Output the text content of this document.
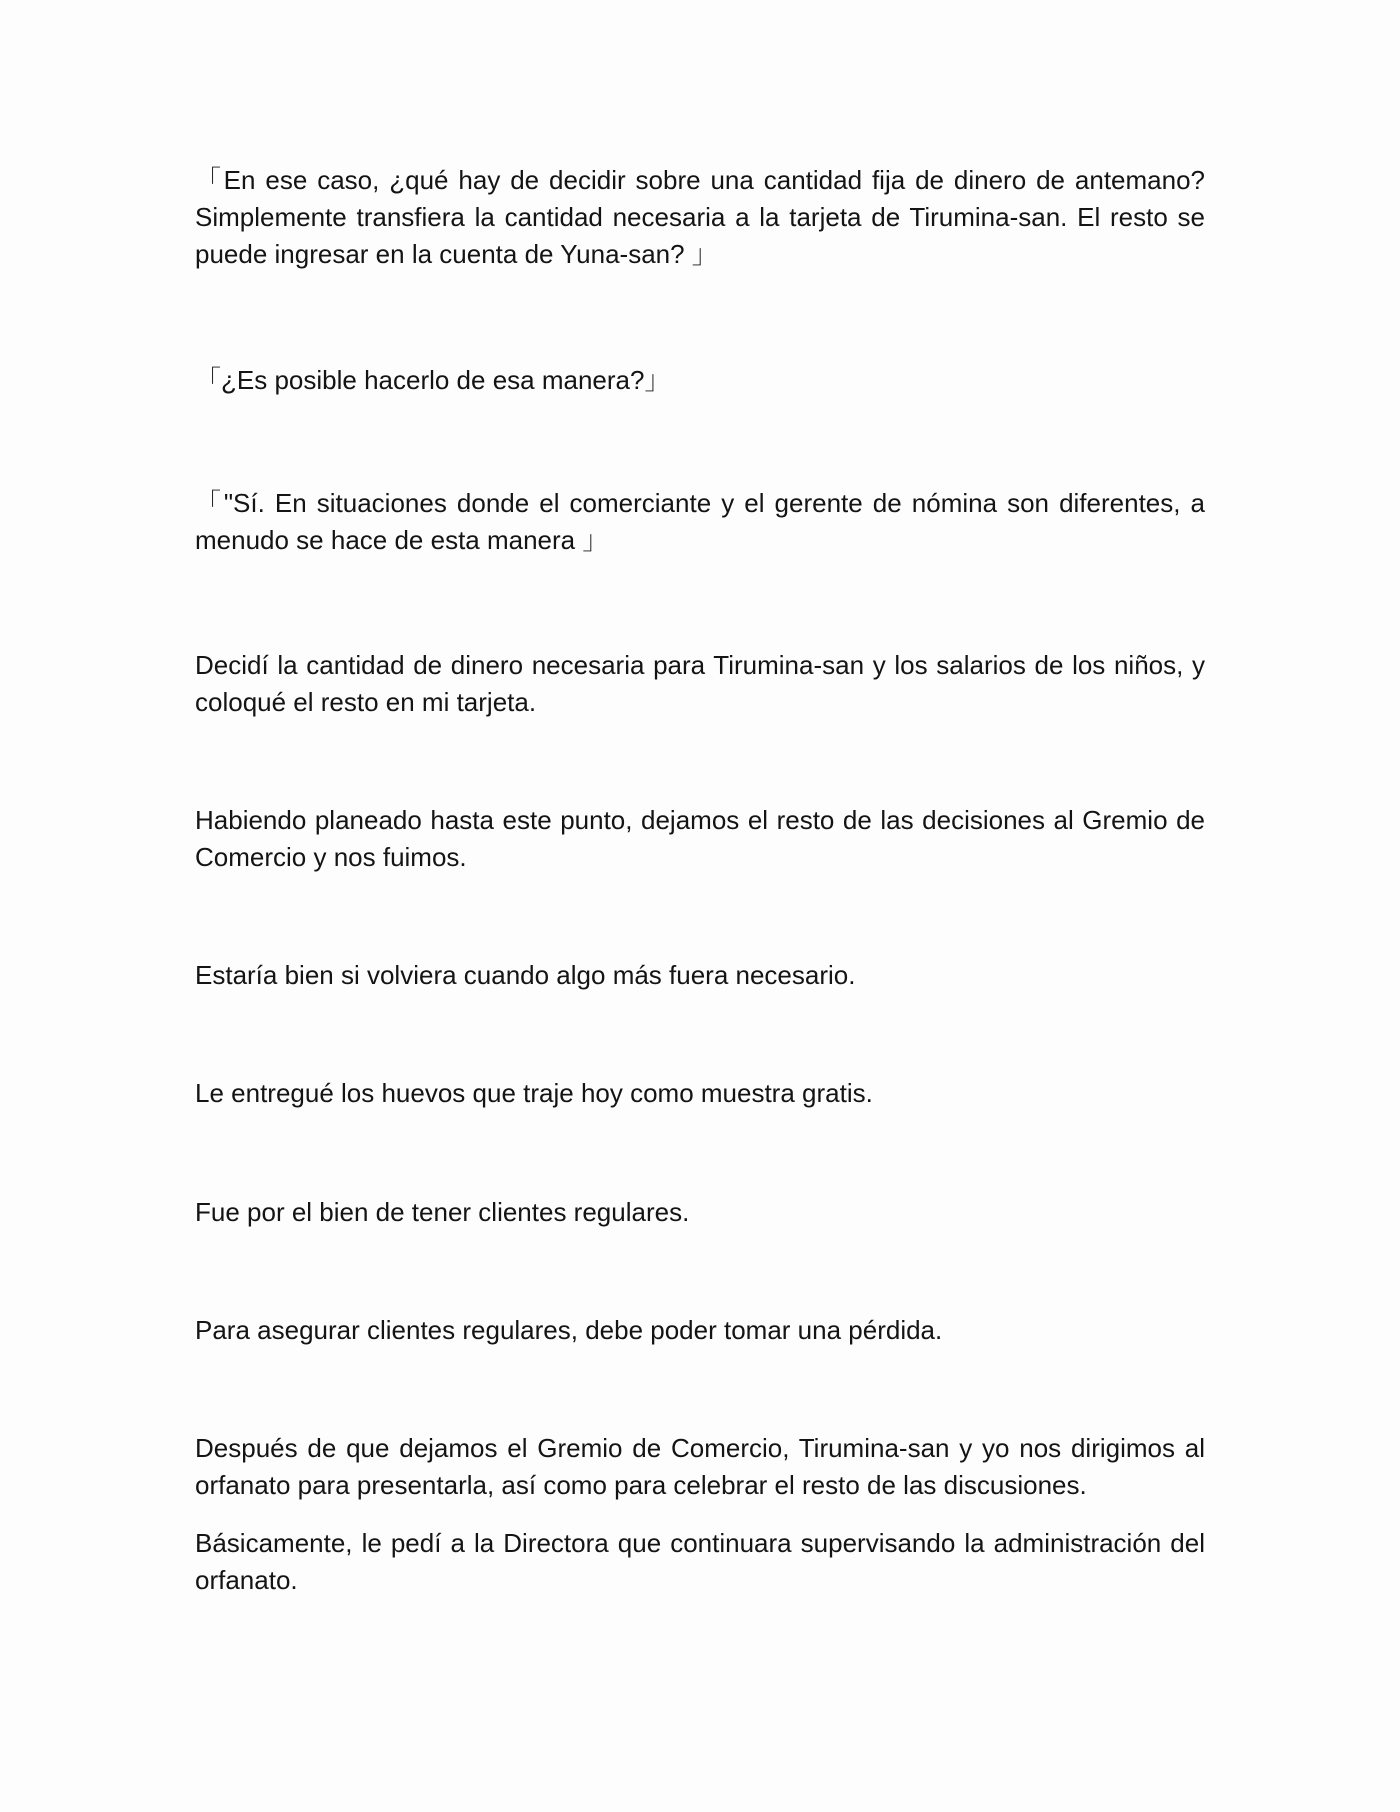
「En ese caso, ¿qué hay de decidir sobre una cantidad fija de dinero de antemano? Simplemente transfiera la cantidad necesaria a la tarjeta de Tirumina-san. El resto se puede ingresar en la cuenta de Yuna-san? 」

「¿Es posible hacerlo de esa manera?」

「"Sí. En situaciones donde el comerciante y el gerente de nómina son diferentes, a menudo se hace de esta manera 」

Decidí la cantidad de dinero necesaria para Tirumina-san y los salarios de los niños, y coloqué el resto en mi tarjeta.

Habiendo planeado hasta este punto, dejamos el resto de las decisiones al Gremio de Comercio y nos fuimos.

Estaría bien si volviera cuando algo más fuera necesario.

Le entregué los huevos que traje hoy como muestra gratis.

Fue por el bien de tener clientes regulares.

Para asegurar clientes regulares, debe poder tomar una pérdida.

Después de que dejamos el Gremio de Comercio, Tirumina-san y yo nos dirigimos al orfanato para presentarla, así como para celebrar el resto de las discusiones.

Básicamente, le pedí a la Directora que continuara supervisando la administración del orfanato.
